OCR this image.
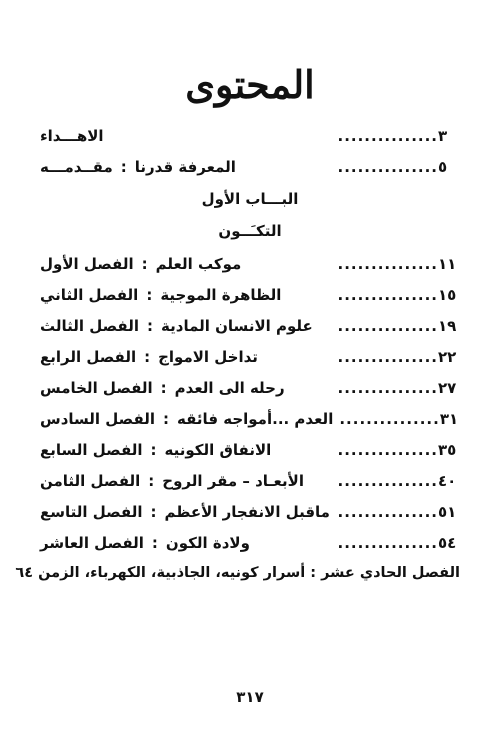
المحتوى
الاهـــداء	............... ٣
مقــدمـــه : المعرفة قدرنا	............... ٥
البـــاب الأول
التكـَــون
الفصل الأول : موكب العلم	............... ١١
الفصل الثاني : الظاهرة الموجية	............... ١٥
الفصل الثالث : علوم الانسان المادية ............... ١٩
الفصل الرابع : تداخل الامواج	............... ٢٢
الفصل الخامس : رحله الى العدم	............... ٢٧
الفصل السادس : العدم ...أمواجه فائقه ............... ٣١
الفصل السابع : الانفاق الكونيه	............... ٣٥
الفصل الثامن : الأبعـاد – مقر الروح ............... ٤٠
الفصل التاسع : ماقبل الانفجار الأعظم ............... ٥١
الفصل العاشر : ولادة الكون	............... ٥٤
الفصل الحادي عشر : أسرار كونيه، الجاذبية، الكهرباء، الزمن ٦٤
٣١٧
